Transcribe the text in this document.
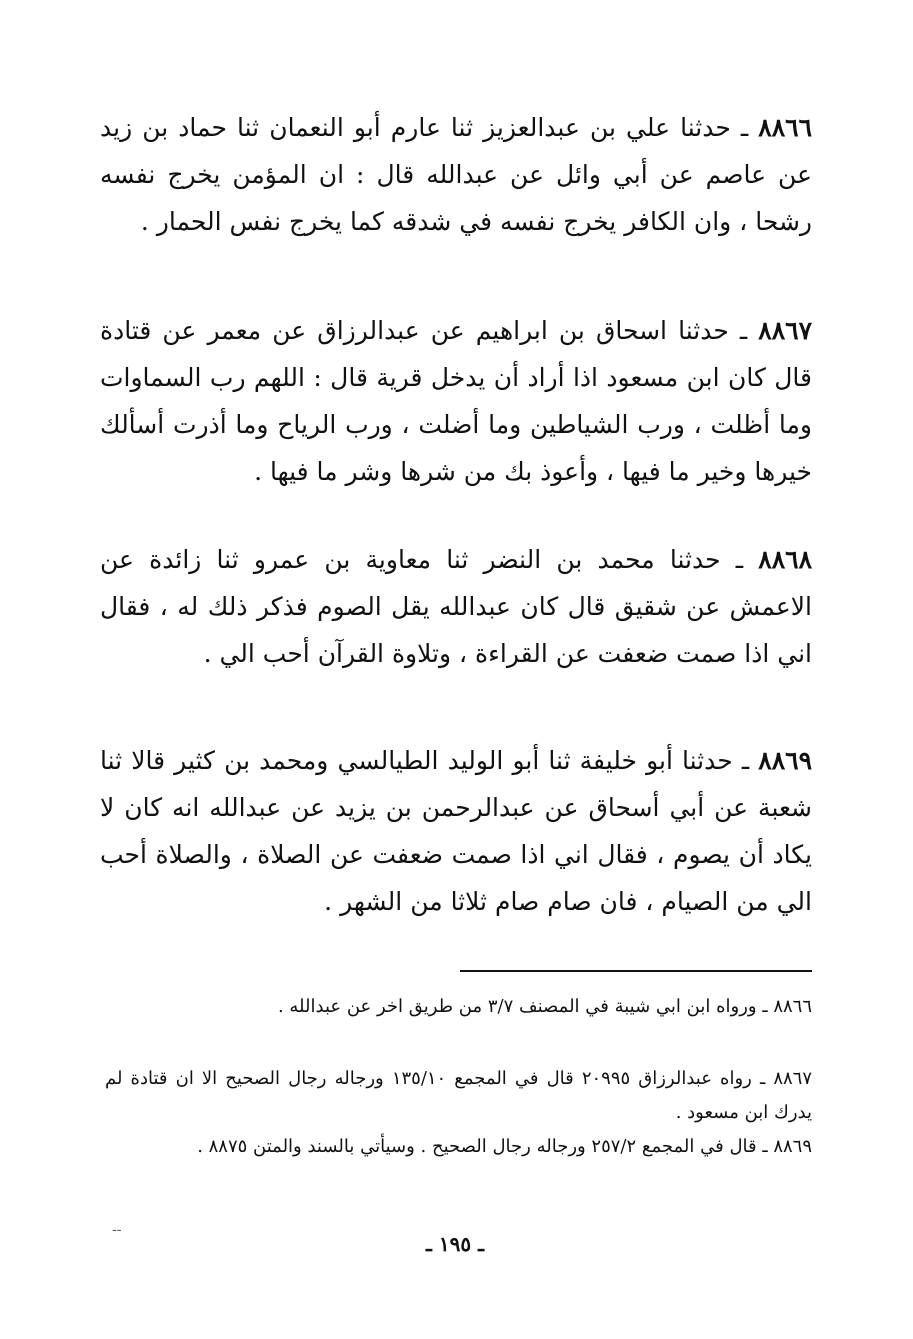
٨٨٦٦ ـ حدثنا علي بن عبدالعزيز ثنا عارم أبو النعمان ثنا حماد بن زيد عن عاصم عن أبي وائل عن عبدالله قال : ان المؤمن يخرج نفسه رشحا ، وان الكافر يخرج نفسه في شدقه كما يخرج نفس الحمار .

٨٨٦٧ ـ حدثنا اسحاق بن ابراهيم عن عبدالرزاق عن معمر عن قتادة قال كان ابن مسعود اذا أراد أن يدخل قرية قال : اللهم رب السماوات وما أظلت ، ورب الشياطين وما أضلت ، ورب الرياح وما أذرت أسألك خيرها وخير ما فيها ، وأعوذ بك من شرها وشر ما فيها .

٨٨٦٨ ـ حدثنا محمد بن النضر ثنا معاوية بن عمرو ثنا زائدة عن الاعمش عن شقيق قال كان عبدالله يقل الصوم فذكر ذلك له ، فقال اني اذا صمت ضعفت عن القراءة ، وتلاوة القرآن أحب الي .

٨٨٦٩ ـ حدثنا أبو خليفة ثنا أبو الوليد الطيالسي ومحمد بن كثير قالا ثنا شعبة عن أبي أسحاق عن عبدالرحمن بن يزيد عن عبدالله انه كان لا يكاد أن يصوم ، فقال اني اذا صمت ضعفت عن الصلاة ، والصلاة أحب الي من الصيام ، فان صام صام ثلاثا من الشهر .

٨٨٦٦ ـ ورواه ابن ابي شيبة في المصنف ٣/٧ من طريق اخر عن عبدالله .

٨٨٦٧ ـ رواه عبدالرزاق ٢٠٩٩٥ قال في المجمع ١٣٥/١٠ ورجاله رجال الصحيح الا ان قتادة لم يدرك ابن مسعود .

٨٨٦٩ ـ قال في المجمع ٢٥٧/٢ ورجاله رجال الصحيح . وسيأتي بالسند والمتن ٨٨٧٥ .

--
ـ ١٩٥ ـ
